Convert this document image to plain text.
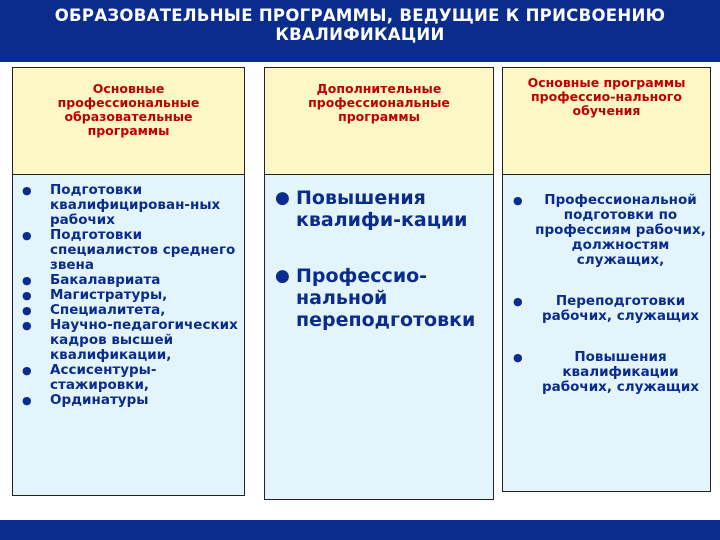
ОБРАЗОВАТЕЛЬНЫЕ ПРОГРАММЫ, ВЕДУЩИЕ К ПРИСВОЕНИЮ КВАЛИФИКАЦИИ
Основные профессиональные образовательные программы
● Подготовки квалифицирован-ных рабочих
● Подготовки специалистов среднего звена
● Бакалавриата
● Магистратуры,
● Специалитета,
● Научно-педагогических кадров высшей квалификации,
● Ассисентуры-стажировки,
● Ординатуры
Дополнительные профессиональные программы
● Повышения квалифи-кации
● Профессио-нальной переподготовки
Основные программы профессио-нального обучения
● Профессиональной подготовки по профессиям рабочих, должностям служащих,
● Переподготовки рабочих, служащих
●	Повышения квалификации рабочих, служащих
